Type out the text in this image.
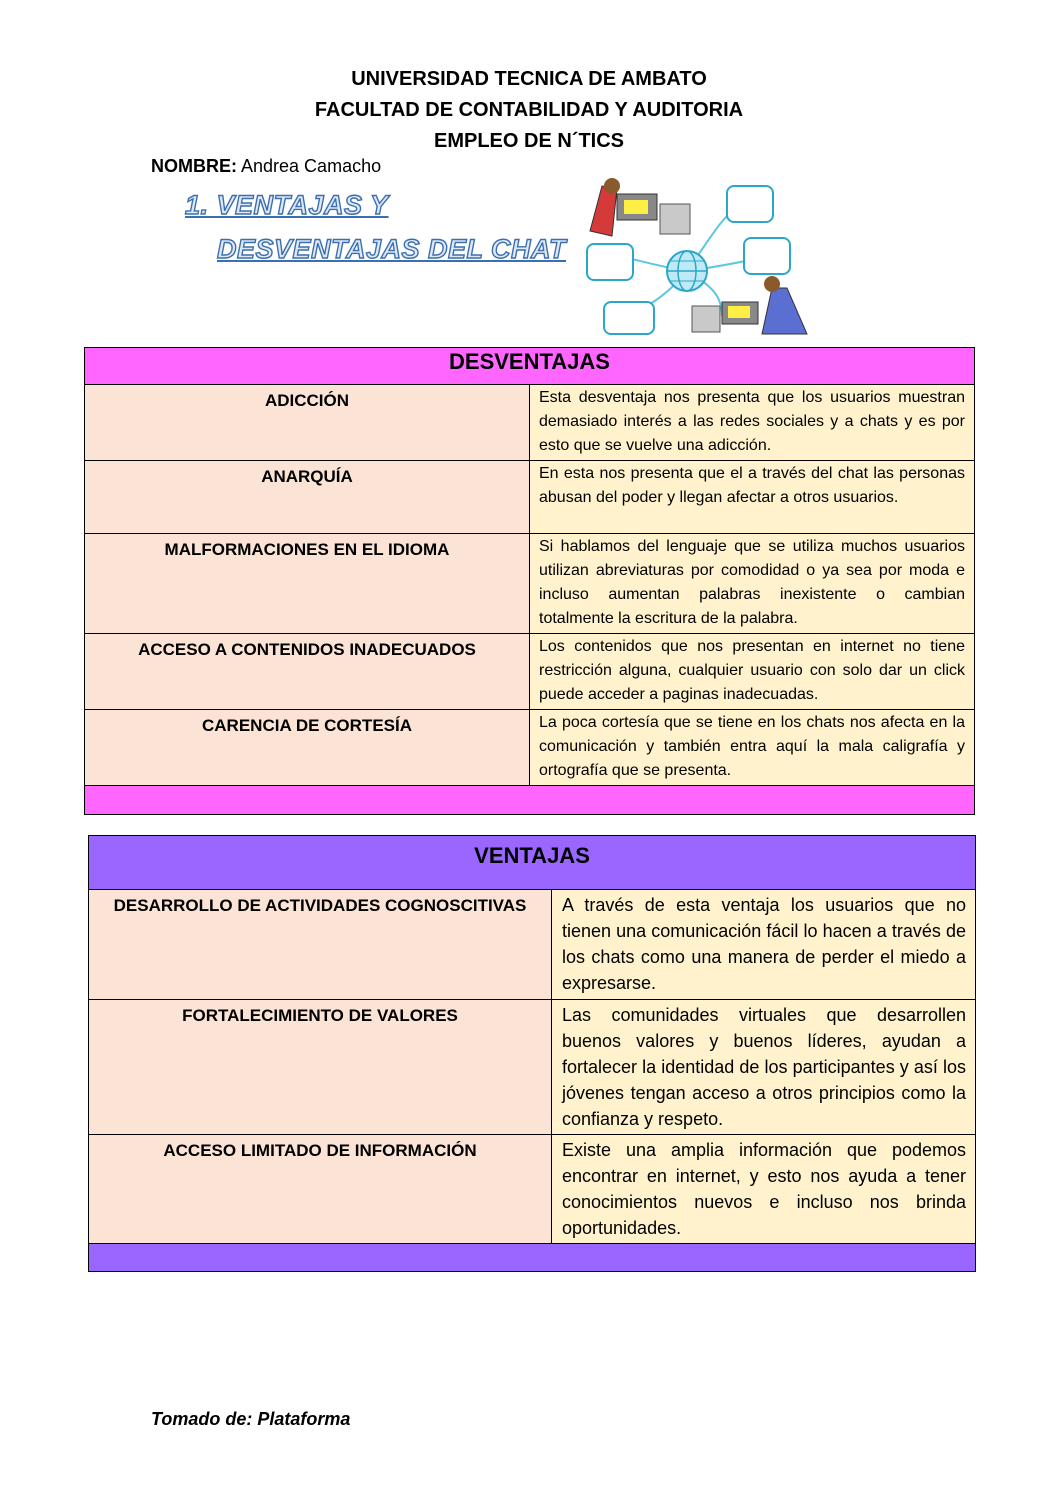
UNIVERSIDAD TECNICA DE AMBATO
FACULTAD DE CONTABILIDAD Y AUDITORIA
EMPLEO DE N´TICS
NOMBRE: Andrea Camacho
1. VENTAJAS Y
DESVENTAJAS DEL CHAT
DESVENTAJAS	
ADICCIÓN	Esta desventaja nos presenta que los usuarios muestran demasiado interés a las redes sociales y a chats y es por esto que se vuelve una adicción.
ANARQUÍA	En esta nos presenta que el a través del chat las personas abusan del poder y llegan afectar a otros usuarios.
MALFORMACIONES EN EL IDIOMA	Si hablamos del lenguaje que se utiliza muchos usuarios utilizan abreviaturas por comodidad o ya sea por moda e incluso aumentan palabras inexistente o cambian totalmente la escritura de la palabra.
ACCESO A CONTENIDOS INADECUADOS	Los contenidos que nos presentan en internet no tiene restricción alguna, cualquier usuario con solo dar un click puede acceder a paginas inadecuadas.
CARENCIA DE CORTESÍA	La poca cortesía que se tiene en los chats nos afecta en la comunicación y también entra aquí la mala caligrafía y ortografía que se presenta.

VENTAJAS	
DESARROLLO DE ACTIVIDADES COGNOSCITIVAS	A través de esta ventaja los usuarios que no tienen una comunicación fácil lo hacen a través de los chats como una manera de perder el miedo a expresarse.
FORTALECIMIENTO DE VALORES	Las comunidades virtuales que desarrollen buenos valores y buenos líderes, ayudan a fortalecer la identidad de los participantes y así los jóvenes tengan acceso a otros principios como la confianza y respeto.
ACCESO LIMITADO DE INFORMACIÓN	Existe una amplia información que podemos encontrar en internet, y esto nos ayuda a tener conocimientos nuevos e incluso nos brinda oportunidades.

Tomado de: Plataforma
